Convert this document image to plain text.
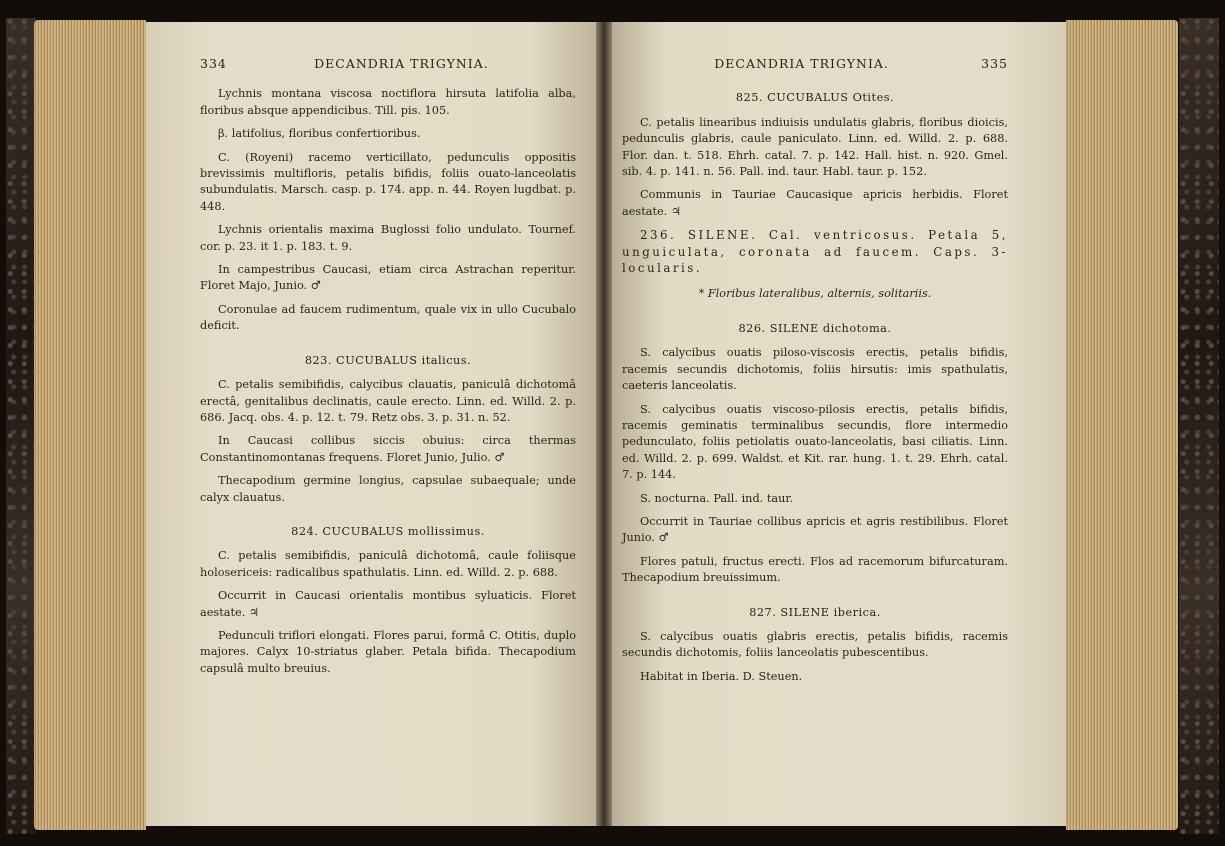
334	DECANDRIA TRIGYNIA.

Lychnis montana viscosa noctiflora hirsuta latifolia alba, floribus absque appendicibus. Till. pis. 105.

β. latifolius, floribus confertioribus.

C. (Royeni) racemo verticillato, pedunculis oppositis brevissimis multifloris, petalis bifidis, foliis ouato-lanceolatis subundulatis. Marsch. casp. p. 174. app. n. 44. Royen lugdbat. p. 448.

Lychnis orientalis maxima Buglossi folio undulato. Tournef. cor. p. 23. it 1. p. 183. t. 9.

In campestribus Caucasi, etiam circa Astrachan reperitur. Floret Majo, Junio. ♂

Coronulae ad faucem rudimentum, quale vix in ullo Cucubalo deficit.

823. CUCUBALUS italicus.

C. petalis semibifidis, calycibus clauatis, paniculâ dichotomâ erectâ, genitalibus declinatis, caule erecto. Linn. ed. Willd. 2. p. 686. Jacq. obs. 4. p. 12. t. 79. Retz obs. 3. p. 31. n. 52.

In Caucasi collibus siccis obuius: circa thermas Constantinomontanas frequens. Floret Junio, Julio. ♂

Thecapodium germine longius, capsulae subaequale; unde calyx clauatus.

824. CUCUBALUS mollissimus.

C. petalis semibifidis, paniculâ dichotomâ, caule foliisque holosericeis: radicalibus spathulatis. Linn. ed. Willd. 2. p. 688.

Occurrit in Caucasi orientalis montibus syluaticis. Floret aestate. ♃

Pedunculi triflori elongati. Flores parui, formâ C. Otitis, duplo majores. Calyx 10-striatus glaber. Petala bifida. Thecapodium capsulâ multo breuius.

DECANDRIA TRIGYNIA.	335

825. CUCUBALUS Otites.

C. petalis linearibus indiuisis undulatis glabris, floribus dioicis, pedunculis glabris, caule paniculato. Linn. ed. Willd. 2. p. 688. Flor. dan. t. 518. Ehrh. catal. 7. p. 142. Hall. hist. n. 920. Gmel. sib. 4. p. 141. n. 56. Pall. ind. taur. Habl. taur. p. 152.

Communis in Tauriae Caucasique apricis herbidis. Floret aestate. ♃

236. SILENE. Cal. ventricosus. Petala 5, unguiculata, coronata ad faucem. Caps. 3-locularis.

* Floribus lateralibus, alternis, solitariis.

826. SILENE dichotoma.

S. calycibus ouatis piloso-viscosis erectis, petalis bifidis, racemis secundis dichotomis, foliis hirsutis: imis spathulatis, caeteris lanceolatis.

S. calycibus ouatis viscoso-pilosis erectis, petalis bifidis, racemis geminatis terminalibus secundis, flore intermedio pedunculato, foliis petiolatis ouato-lanceolatis, basi ciliatis. Linn. ed. Willd. 2. p. 699. Waldst. et Kit. rar. hung. 1. t. 29. Ehrh. catal. 7. p. 144.

S. nocturna. Pall. ind. taur.

Occurrit in Tauriae collibus apricis et agris restibilibus. Floret Junio. ♂

Flores patuli, fructus erecti. Flos ad racemorum bifurcaturam. Thecapodium breuissimum.

827. SILENE iberica.

S. calycibus ouatis glabris erectis, petalis bifidis, racemis secundis dichotomis, foliis lanceolatis pubescentibus.

Habitat in Iberia. D. Steuen.
